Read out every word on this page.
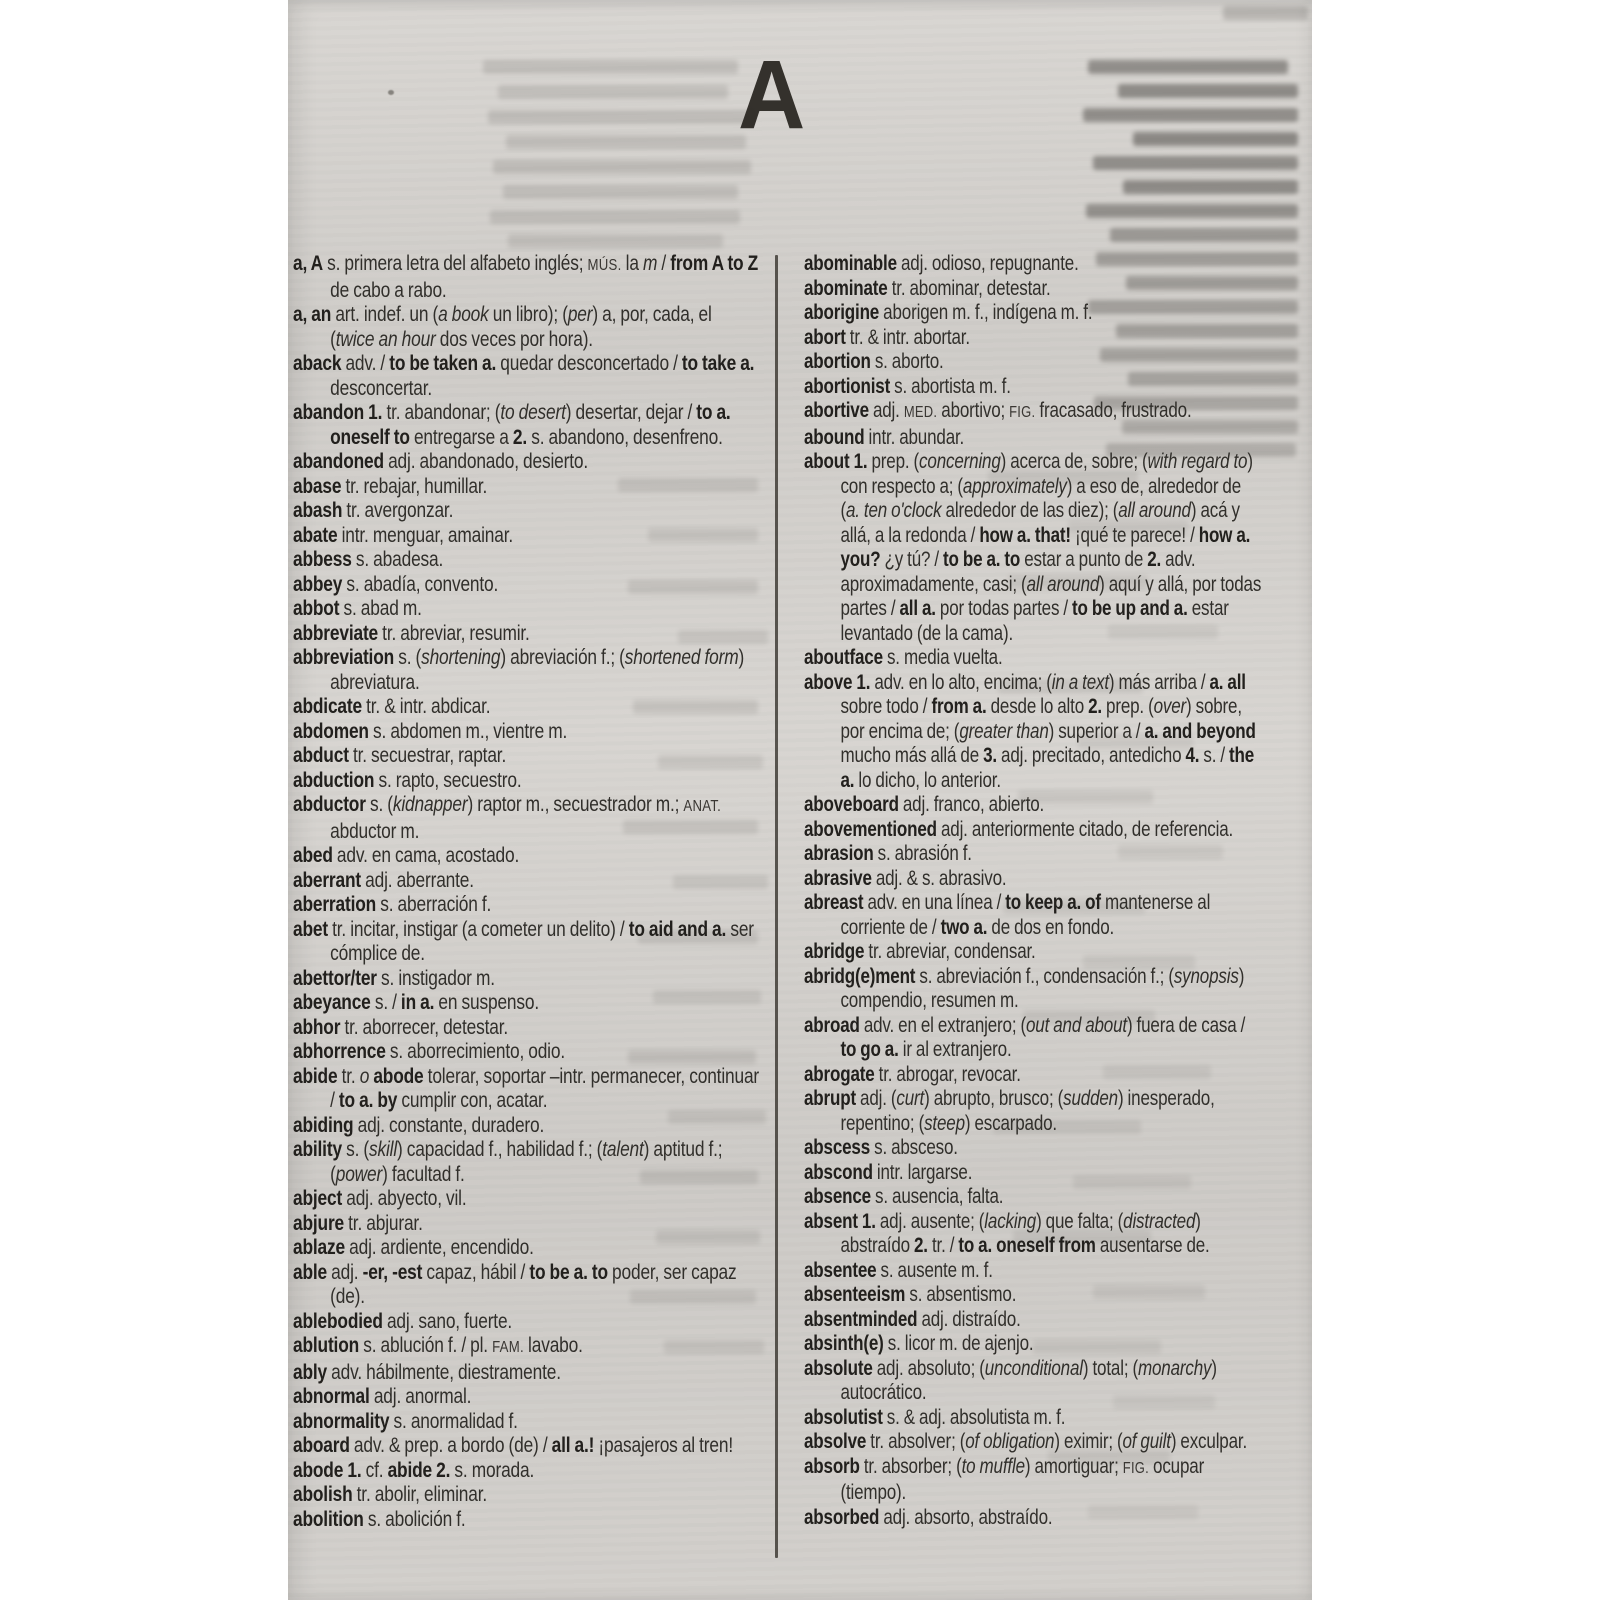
A

a, A s. primera letra del alfabeto inglés; MÚS. la m / from A to Z de cabo a rabo.

a, an art. indef. un (a book un libro); (per) a, por, cada, el (twice an hour dos veces por hora).

aback adv. / to be taken a. quedar desconcertado / to take a. desconcertar.

abandon 1. tr. abandonar; (to desert) desertar, dejar / to a. oneself to entregarse a 2. s. abandono, desenfreno.

abandoned adj. abandonado, desierto.

abase tr. rebajar, humillar.

abash tr. avergonzar.

abate intr. menguar, amainar.

abbess s. abadesa.

abbey s. abadía, convento.

abbot s. abad m.

abbreviate tr. abreviar, resumir.

abbreviation s. (shortening) abreviación f.; (shortened form) abreviatura.

abdicate tr. & intr. abdicar.

abdomen s. abdomen m., vientre m.

abduct tr. secuestrar, raptar.

abduction s. rapto, secuestro.

abductor s. (kidnapper) raptor m., secuestrador m.; ANAT. abductor m.

abed adv. en cama, acostado.

aberrant adj. aberrante.

aberration s. aberración f.

abet tr. incitar, instigar (a cometer un delito) / to aid and a. ser cómplice de.

abettor/ter s. instigador m.

abeyance s. / in a. en suspenso.

abhor tr. aborrecer, detestar.

abhorrence s. aborrecimiento, odio.

abide tr. o abode tolerar, soportar –intr. permanecer, continuar / to a. by cumplir con, acatar.

abiding adj. constante, duradero.

ability s. (skill) capacidad f., habilidad f.; (talent) aptitud f.; (power) facultad f.

abject adj. abyecto, vil.

abjure tr. abjurar.

ablaze adj. ardiente, encendido.

able adj. -er, -est capaz, hábil / to be a. to poder, ser capaz (de).

ablebodied adj. sano, fuerte.

ablution s. ablución f. / pl. FAM. lavabo.

ably adv. hábilmente, diestramente.

abnormal adj. anormal.

abnormality s. anormalidad f.

aboard adv. & prep. a bordo (de) / all a.! ¡pasajeros al tren!

abode 1. cf. abide 2. s. morada.

abolish tr. abolir, eliminar.

abolition s. abolición f.

abominable adj. odioso, repugnante.

abominate tr. abominar, detestar.

aborigine aborigen m. f., indígena m. f.

abort tr. & intr. abortar.

abortion s. aborto.

abortionist s. abortista m. f.

abortive adj. MED. abortivo; FIG. fracasado, frustrado.

abound intr. abundar.

about 1. prep. (concerning) acerca de, sobre; (with regard to) con respecto a; (approximately) a eso de, alrededor de (a. ten o'clock alrededor de las diez); (all around) acá y allá, a la redonda / how a. that! ¡qué te parece! / how a. you? ¿y tú? / to be a. to estar a punto de 2. adv. aproximadamente, casi; (all around) aquí y allá, por todas partes / all a. por todas partes / to be up and a. estar levantado (de la cama).

aboutface s. media vuelta.

above 1. adv. en lo alto, encima; (in a text) más arriba / a. all sobre todo / from a. desde lo alto 2. prep. (over) sobre, por encima de; (greater than) superior a / a. and beyond mucho más allá de 3. adj. precitado, antedicho 4. s. / the a. lo dicho, lo anterior.

aboveboard adj. franco, abierto.

abovementioned adj. anteriormente citado, de referencia.

abrasion s. abrasión f.

abrasive adj. & s. abrasivo.

abreast adv. en una línea / to keep a. of mantenerse al corriente de / two a. de dos en fondo.

abridge tr. abreviar, condensar.

abridg(e)ment s. abreviación f., condensación f.; (synopsis) compendio, resumen m.

abroad adv. en el extranjero; (out and about) fuera de casa / to go a. ir al extranjero.

abrogate tr. abrogar, revocar.

abrupt adj. (curt) abrupto, brusco; (sudden) inesperado, repentino; (steep) escarpado.

abscess s. absceso.

abscond intr. largarse.

absence s. ausencia, falta.

absent 1. adj. ausente; (lacking) que falta; (distracted) abstraído 2. tr. / to a. oneself from ausentarse de.

absentee s. ausente m. f.

absenteeism s. absentismo.

absentminded adj. distraído.

absinth(e) s. licor m. de ajenjo.

absolute adj. absoluto; (unconditional) total; (monarchy) autocrático.

absolutist s. & adj. absolutista m. f.

absolve tr. absolver; (of obligation) eximir; (of guilt) exculpar.

absorb tr. absorber; (to muffle) amortiguar; FIG. ocupar (tiempo).

absorbed adj. absorto, abstraído.
